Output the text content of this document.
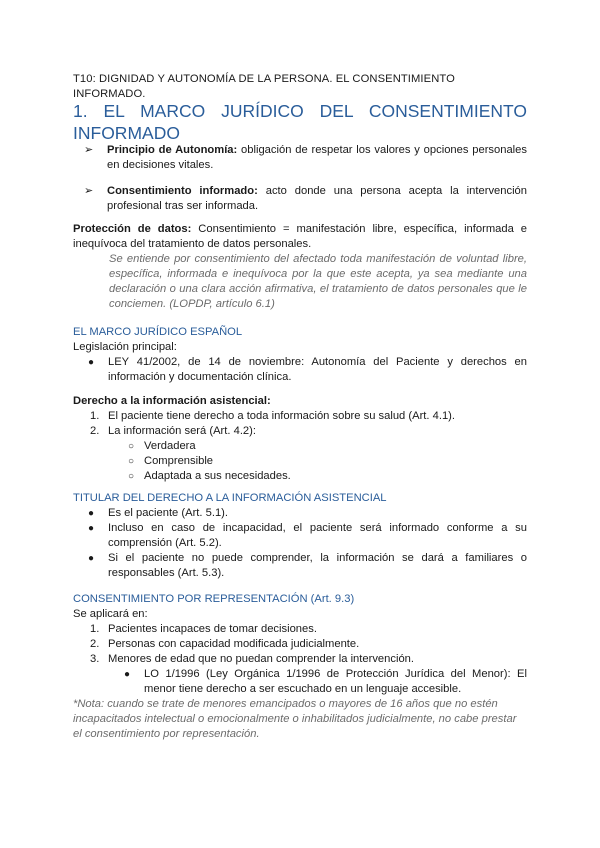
T10: DIGNIDAD Y AUTONOMÍA DE LA PERSONA. EL CONSENTIMIENTO INFORMADO.
1. EL MARCO JURÍDICO DEL CONSENTIMIENTO INFORMADO
➢ Principio de Autonomía: obligación de respetar los valores y opciones personales en decisiones vitales.
➢ Consentimiento informado: acto donde una persona acepta la intervención profesional tras ser informada.
Protección de datos: Consentimiento = manifestación libre, específica, informada e inequívoca del tratamiento de datos personales.
Se entiende por consentimiento del afectado toda manifestación de voluntad libre, específica, informada e inequívoca por la que este acepta, ya sea mediante una declaración o una clara acción afirmativa, el tratamiento de datos personales que le conciemen. (LOPDP, artículo 6.1)
EL MARCO JURÍDICO ESPAÑOL
Legislación principal:
● LEY 41/2002, de 14 de noviembre: Autonomía del Paciente y derechos en información y documentación clínica.
Derecho a la información asistencial:
1. El paciente tiene derecho a toda información sobre su salud (Art. 4.1).
2. La información será (Art. 4.2):
○ Verdadera
○ Comprensible
○ Adaptada a sus necesidades.
TITULAR DEL DERECHO A LA INFORMACIÓN ASISTENCIAL
● Es el paciente (Art. 5.1).
● Incluso en caso de incapacidad, el paciente será informado conforme a su comprensión (Art. 5.2).
● Si el paciente no puede comprender, la información se dará a familiares o responsables (Art. 5.3).
CONSENTIMIENTO POR REPRESENTACIÓN (Art. 9.3)
Se aplicará en:
1. Pacientes incapaces de tomar decisiones.
2. Personas con capacidad modificada judicialmente.
3. Menores de edad que no puedan comprender la intervención.
● LO 1/1996 (Ley Orgánica 1/1996 de Protección Jurídica del Menor): El menor tiene derecho a ser escuchado en un lenguaje accesible.
*Nota: cuando se trate de menores emancipados o mayores de 16 años que no estén incapacitados intelectual o emocionalmente o inhabilitados judicialmente, no cabe prestar el consentimiento por representación.
